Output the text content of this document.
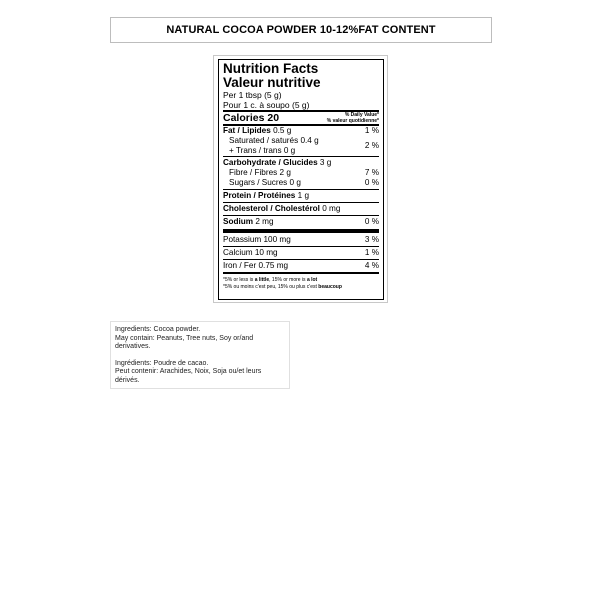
NATURAL COCOA POWDER 10-12%FAT CONTENT
Nutrition Facts
Valeur nutritive
Per 1 tbsp (5 g)
Pour 1 c. à soupo (5 g)
Calories 20	% Daily Value*
% valeur quotidienne*
Fat / Lipides 0.5 g	1 %
Saturated / saturés 0.4 g
+ Trans / trans 0 g
2 %
Carbohydrate / Glucides 3 g
Fibre / Fibres 2 g	7 %
Sugars / Sucres 0 g	0 %
Protein / Protéines 1 g
Cholesterol / Cholestérol 0 mg
Sodium 2 mg	0 %
Potassium 100 mg	3 %
Calcium 10 mg	1 %
Iron / Fer 0.75 mg	4 %
*5% or less is a little, 15% or more is a lot
*5% ou moins c'est peu, 15% ou plus c'est beaucoup

Ingredients: Cocoa powder.
May contain: Peanuts, Tree nuts, Soy or/and derivatives.

Ingrédients: Poudre de cacao.
Peut contenir: Arachides, Noix, Soja ou/et leurs dérivés.
